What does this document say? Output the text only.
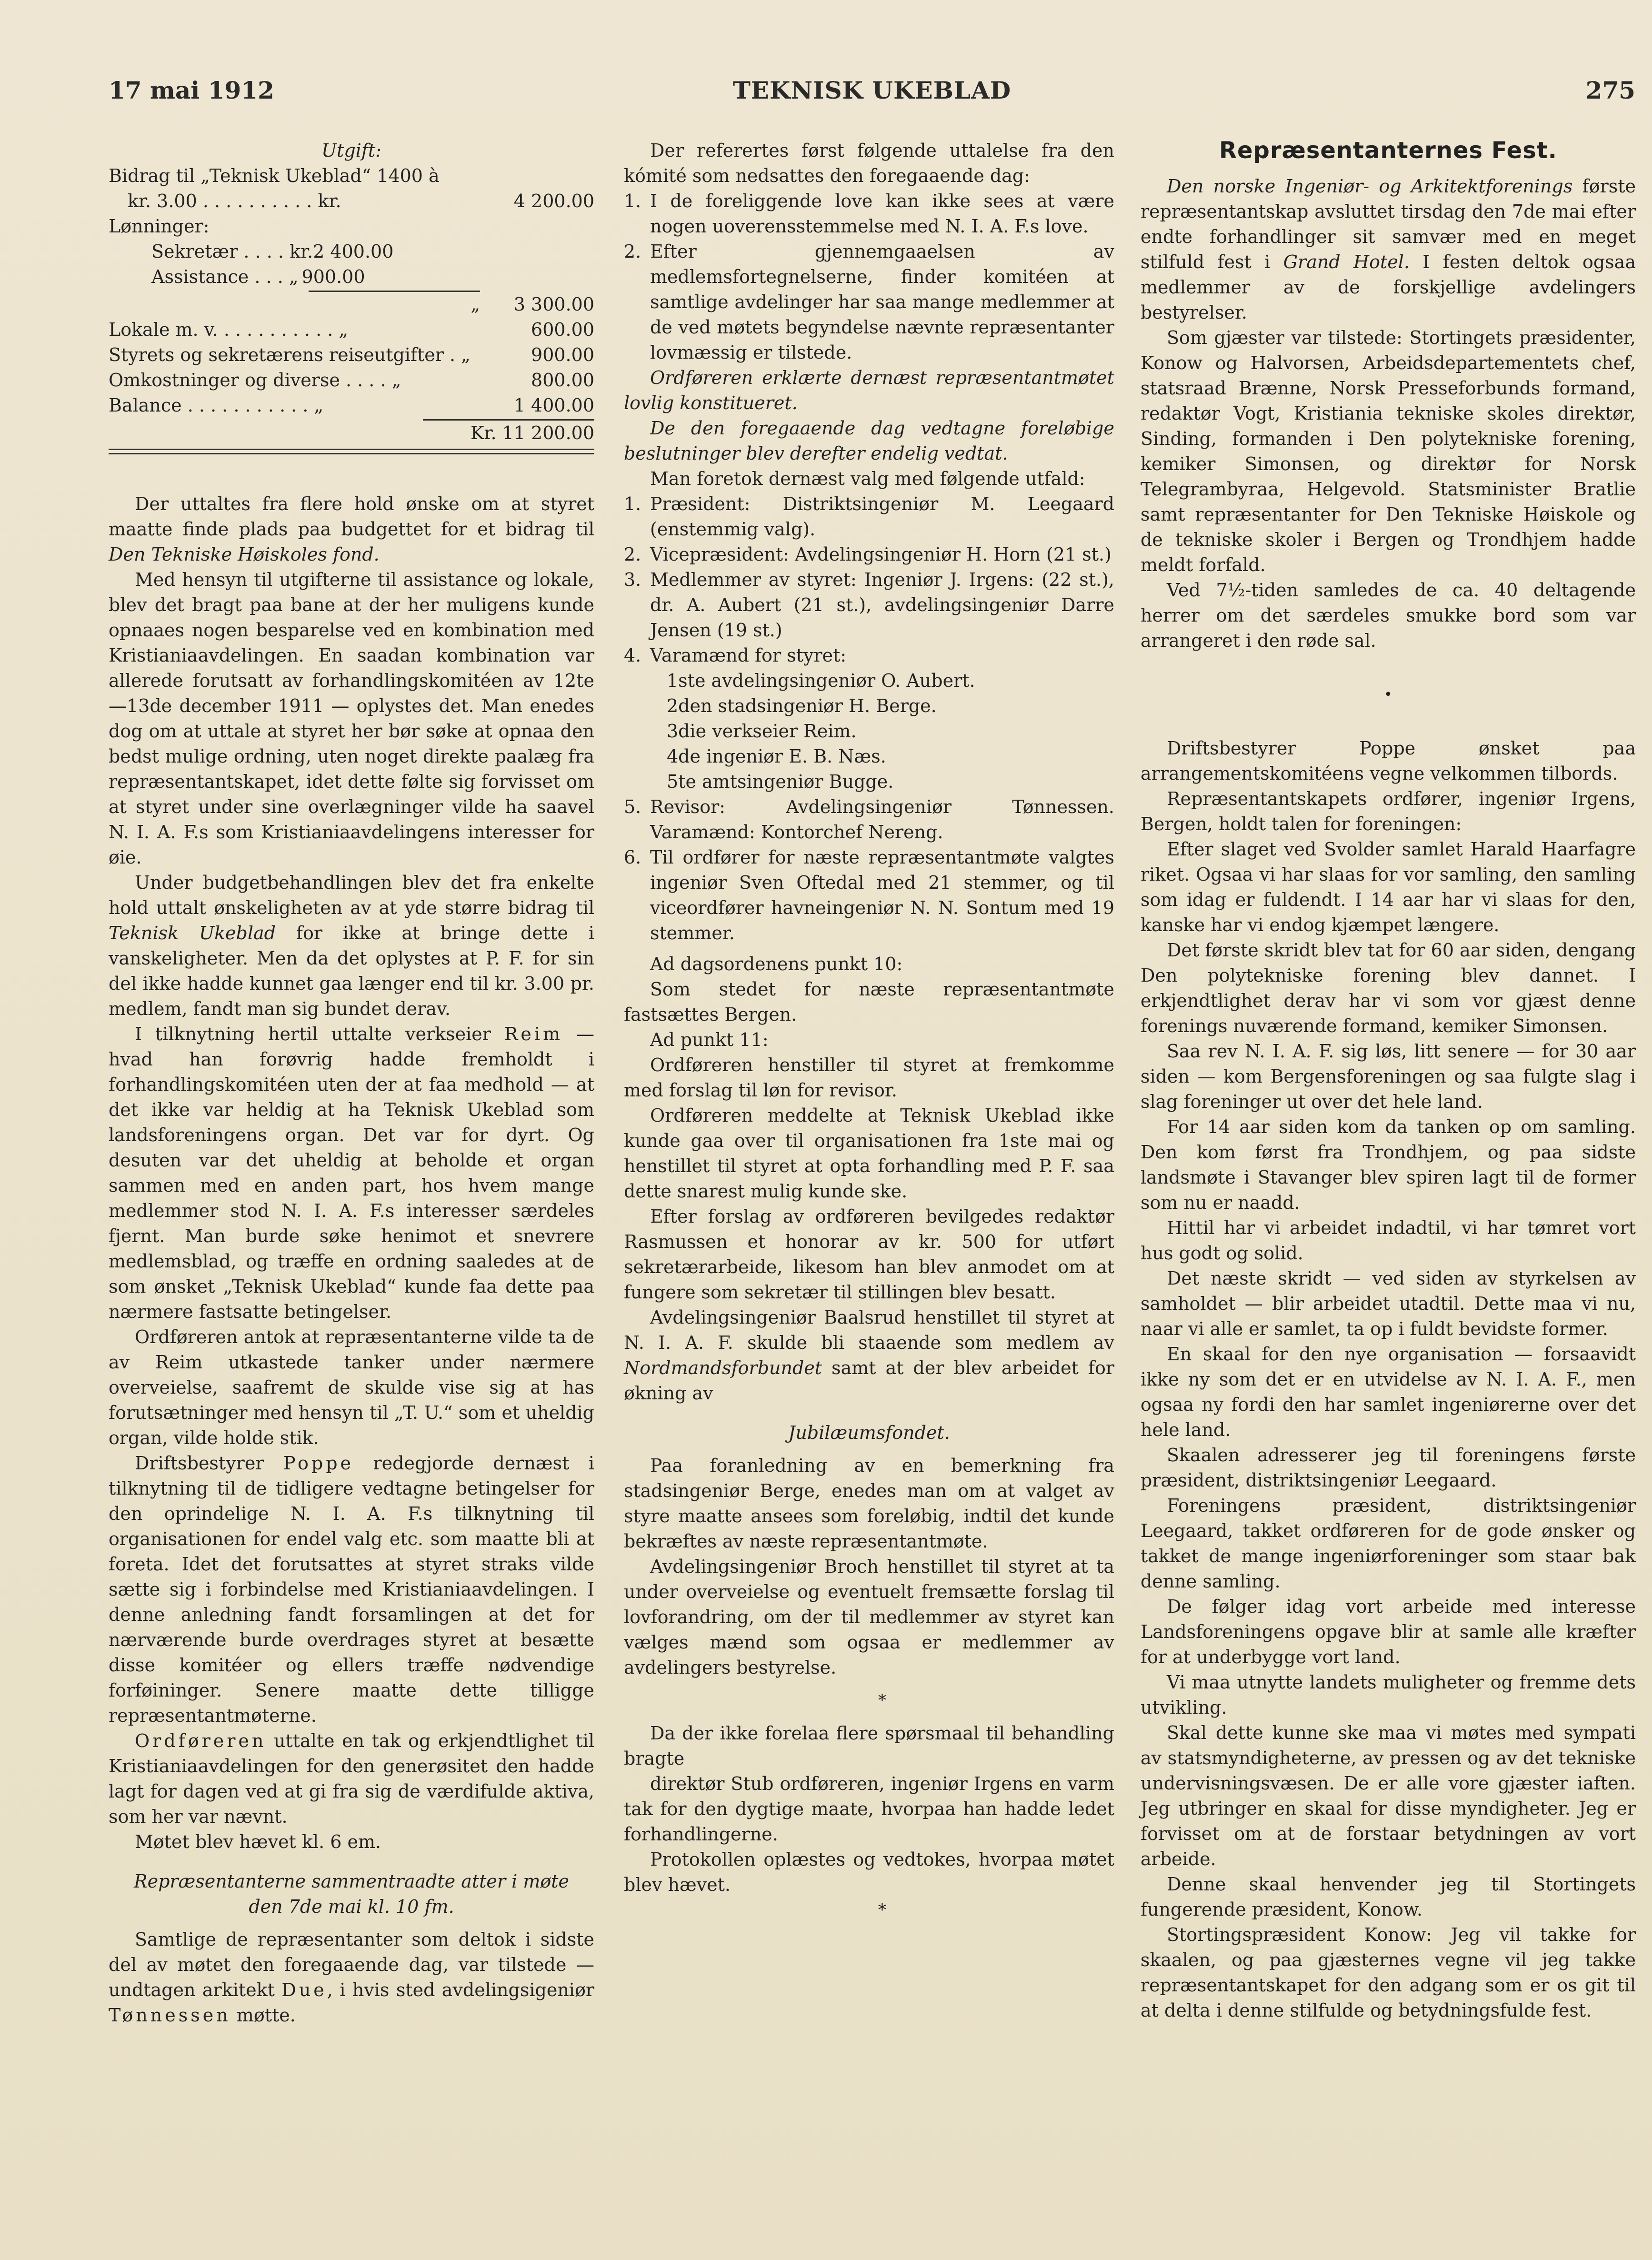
17 mai 1912	TEKNISK UKEBLAD	275
Utgift:
Bidrag til „Teknisk Ukeblad“ 1400 à
kr. 3.00 . . . . . . . . . . kr.	4 200.00
Lønninger:
Sekretær . . . . kr. 2 400.00
Assistance . . . „ 900.00
„	3 300.00
Lokale m. v. . . . . . . . . . . „	600.00
Styrets og sekretærens reiseutgifter . „	900.00
Omkostninger og diverse . . . . „	800.00
Balance . . . . . . . . . . . „	1 400.00
Kr. 11 200.00

Der uttaltes fra flere hold ønske om at styret maatte finde plads paa budgettet for et bidrag til Den Tekniske Høiskoles fond.

Med hensyn til utgifterne til assistance og lokale, blev det bragt paa bane at der her muligens kunde opnaaes nogen besparelse ved en kombination med Kristianiaavdelingen. En saadan kombination var allerede forutsatt av forhandlingskomitéen av 12te —13de december 1911 — oplystes det. Man enedes dog om at uttale at styret her bør søke at opnaa den bedst mulige ordning, uten noget direkte paalæg fra repræsentantskapet, idet dette følte sig forvisset om at styret under sine overlægninger vilde ha saavel N. I. A. F.s som Kristianiaavdelingens interesser for øie.

Under budgetbehandlingen blev det fra enkelte hold uttalt ønskeligheten av at yde større bidrag til Teknisk Ukeblad for ikke at bringe dette i vanskeligheter. Men da det oplystes at P. F. for sin del ikke hadde kunnet gaa længer end til kr. 3.00 pr. medlem, fandt man sig bundet derav.

I tilknytning hertil uttalte verkseier Reim — hvad han forøvrig hadde fremholdt i forhandlingskomitéen uten der at faa medhold — at det ikke var heldig at ha Teknisk Ukeblad som landsforeningens organ. Det var for dyrt. Og desuten var det uheldig at beholde et organ sammen med en anden part, hos hvem mange medlemmer stod N. I. A. F.s interesser særdeles fjernt. Man burde søke henimot et snevrere medlemsblad, og træffe en ordning saaledes at de som ønsket „Teknisk Ukeblad“ kunde faa dette paa nærmere fastsatte betingelser.

Ordføreren antok at repræsentanterne vilde ta de av Reim utkastede tanker under nærmere overveielse, saafremt de skulde vise sig at has forutsætninger med hensyn til „T. U.“ som et uheldig organ, vilde holde stik.

Driftsbestyrer Poppe redegjorde dernæst i tilknytning til de tidligere vedtagne betingelser for den oprindelige N. I. A. F.s tilknytning til organisationen for endel valg etc. som maatte bli at foreta. Idet det forutsattes at styret straks vilde sætte sig i forbindelse med Kristianiaavdelingen. I denne anledning fandt forsamlingen at det for nærværende burde overdrages styret at besætte disse komitéer og ellers træffe nødvendige forføininger. Senere maatte dette tilligge repræsentantmøterne.

Ordføreren uttalte en tak og erkjendtlighet til Kristianiaavdelingen for den generøsitet den hadde lagt for dagen ved at gi fra sig de værdifulde aktiva, som her var nævnt.

Møtet blev hævet kl. 6 em.

Repræsentanterne sammentraadte atter i møte

den 7de mai kl. 10 fm.

Samtlige de repræsentanter som deltok i sidste del av møtet den foregaaende dag, var tilstede — undtagen arkitekt Due, i hvis sted avdelingsigeniør Tønnessen møtte.

Der referertes først følgende uttalelse fra den kómité som nedsattes den foregaaende dag:

1. I de foreliggende love kan ikke sees at være nogen uoverensstemmelse med N. I. A. F.s love.
2. Efter gjennemgaaelsen av medlemsfortegnelserne, finder komitéen at samtlige avdelinger har saa mange medlemmer at de ved møtets begyndelse nævnte repræsentanter lovmæssig er tilstede.

Ordføreren erklærte dernæst repræsentantmøtet lovlig konstitueret.

De den foregaaende dag vedtagne foreløbige beslutninger blev derefter endelig vedtat.

Man foretok dernæst valg med følgende utfald:

1. Præsident: Distriktsingeniør M. Leegaard (enstemmig valg).
2. Vicepræsident: Avdelingsingeniør H. Horn (21 st.)
3. Medlemmer av styret: Ingeniør J. Irgens: (22 st.), dr. A. Aubert (21 st.), avdelingsingeniør Darre Jensen (19 st.)
4. Varamænd for styret:
1ste avdelingsingeniør O. Aubert.
2den stadsingeniør H. Berge.
3die verkseier Reim.
4de ingeniør E. B. Næs.
5te amtsingeniør Bugge.
5. Revisor: Avdelingsingeniør Tønnessen. Varamænd: Kontorchef Nereng.
6. Til ordfører for næste repræsentantmøte valgtes ingeniør Sven Oftedal med 21 stemmer, og til viceordfører havneingeniør N. N. Sontum med 19 stemmer.

Ad dagsordenens punkt 10:

Som stedet for næste repræsentantmøte fastsættes Bergen.

Ad punkt 11:

Ordføreren henstiller til styret at fremkomme med forslag til løn for revisor.

Ordføreren meddelte at Teknisk Ukeblad ikke kunde gaa over til organisationen fra 1ste mai og henstillet til styret at opta forhandling med P. F. saa dette snarest mulig kunde ske.

Efter forslag av ordføreren bevilgedes redaktør Rasmussen et honorar av kr. 500 for utført sekretærarbeide, likesom han blev anmodet om at fungere som sekretær til stillingen blev besatt.

Avdelingsingeniør Baalsrud henstillet til styret at N. I. A. F. skulde bli staaende som medlem av Nordmandsforbundet samt at der blev arbeidet for økning av

Jubilæumsfondet.

Paa foranledning av en bemerkning fra stadsingeniør Berge, enedes man om at valget av styre maatte ansees som foreløbig, indtil det kunde bekræftes av næste repræsentantmøte.

Avdelingsingeniør Broch henstillet til styret at ta under overveielse og eventuelt fremsætte forslag til lovforandring, om der til medlemmer av styret kan vælges mænd som ogsaa er medlemmer av avdelingers bestyrelse.

*

Da der ikke forelaa flere spørsmaal til behandling bragte

direktør Stub ordføreren, ingeniør Irgens en varm tak for den dygtige maate, hvorpaa han hadde ledet forhandlingerne.

Protokollen oplæstes og vedtokes, hvorpaa møtet blev hævet.

*

Repræsentanternes Fest.

Den norske Ingeniør- og Arkitektforenings første repræsentantskap avsluttet tirsdag den 7de mai efter endte forhandlinger sit samvær med en meget stilfuld fest i Grand Hotel. I festen deltok ogsaa medlemmer av de forskjellige avdelingers bestyrelser.

Som gjæster var tilstede: Stortingets præsidenter, Konow og Halvorsen, Arbeidsdepartementets chef, statsraad Brænne, Norsk Presseforbunds formand, redaktør Vogt, Kristiania tekniske skoles direktør, Sinding, formanden i Den polytekniske forening, kemiker Simonsen, og direktør for Norsk Telegrambyraa, Helgevold. Statsminister Bratlie samt repræsentanter for Den Tekniske Høiskole og de tekniske skoler i Bergen og Trondhjem hadde meldt forfald.

Ved 7½-tiden samledes de ca. 40 deltagende herrer om det særdeles smukke bord som var arrangeret i den røde sal.

•

Driftsbestyrer Poppe ønsket paa arrangementskomitéens vegne velkommen tilbords.

Repræsentantskapets ordfører, ingeniør Irgens, Bergen, holdt talen for foreningen:

Efter slaget ved Svolder samlet Harald Haarfagre riket. Ogsaa vi har slaas for vor samling, den samling som idag er fuldendt. I 14 aar har vi slaas for den, kanske har vi endog kjæmpet længere.

Det første skridt blev tat for 60 aar siden, dengang Den polytekniske forening blev dannet. I erkjendtlighet derav har vi som vor gjæst denne forenings nuværende formand, kemiker Simonsen.

Saa rev N. I. A. F. sig løs, litt senere — for 30 aar siden — kom Bergensforeningen og saa fulgte slag i slag foreninger ut over det hele land.

For 14 aar siden kom da tanken op om samling. Den kom først fra Trondhjem, og paa sidste landsmøte i Stavanger blev spiren lagt til de former som nu er naadd.

Hittil har vi arbeidet indadtil, vi har tømret vort hus godt og solid.

Det næste skridt — ved siden av styrkelsen av samholdet — blir arbeidet utadtil. Dette maa vi nu, naar vi alle er samlet, ta op i fuldt bevidste former.

En skaal for den nye organisation — forsaavidt ikke ny som det er en utvidelse av N. I. A. F., men ogsaa ny fordi den har samlet ingeniørerne over det hele land.

Skaalen adresserer jeg til foreningens første præsident, distriktsingeniør Leegaard.

Foreningens præsident, distriktsingeniør Leegaard, takket ordføreren for de gode ønsker og takket de mange ingeniørforeninger som staar bak denne samling.

De følger idag vort arbeide med interesse Landsforeningens opgave blir at samle alle kræfter for at underbygge vort land.

Vi maa utnytte landets muligheter og fremme dets utvikling.

Skal dette kunne ske maa vi møtes med sympati av statsmyndigheterne, av pressen og av det tekniske undervisningsvæsen. De er alle vore gjæster iaften. Jeg utbringer en skaal for disse myndigheter. Jeg er forvisset om at de forstaar betydningen av vort arbeide.

Denne skaal henvender jeg til Stortingets fungerende præsident, Konow.

Stortingspræsident Konow: Jeg vil takke for skaalen, og paa gjæsternes vegne vil jeg takke repræsentantskapet for den adgang som er os git til at delta i denne stilfulde og betydningsfulde fest.
